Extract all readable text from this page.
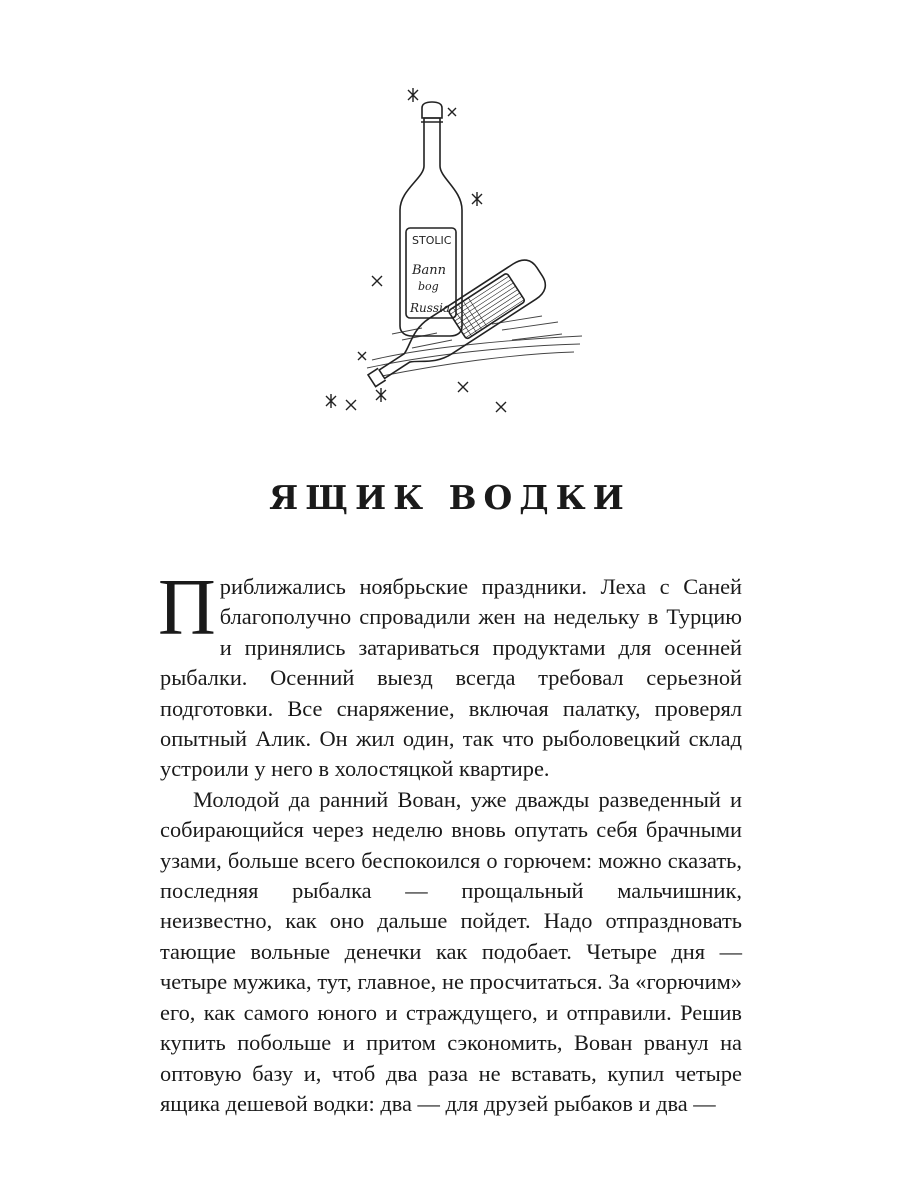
STOLIC
Ваnn
bog
Russia
ЯЩИК ВОДКИ

Приближались ноябрьские праздники. Леха с Саней благополучно спровадили жен на недельку в Турцию и принялись затариваться продуктами для осенней рыбалки. Осенний выезд всегда требовал серьезной подготовки. Все снаряжение, включая палатку, проверял опытный Алик. Он жил один, так что рыболовецкий склад устроили у него в холостяцкой квартире.

Молодой да ранний Вован, уже дважды разведенный и собирающийся через неделю вновь опутать себя брачными узами, больше всего беспокоился о горючем: можно сказать, последняя рыбалка — прощальный мальчишник, неизвестно, как оно дальше пойдет. Надо отпраздновать тающие вольные денечки как подобает. Четыре дня — четыре мужика, тут, главное, не просчитаться. За «горючим» его, как самого юного и страждущего, и отправили. Решив купить побольше и притом сэкономить, Вован рванул на оптовую базу и, чтоб два раза не вставать, купил четыре ящика дешевой водки: два — для друзей рыбаков и два —
